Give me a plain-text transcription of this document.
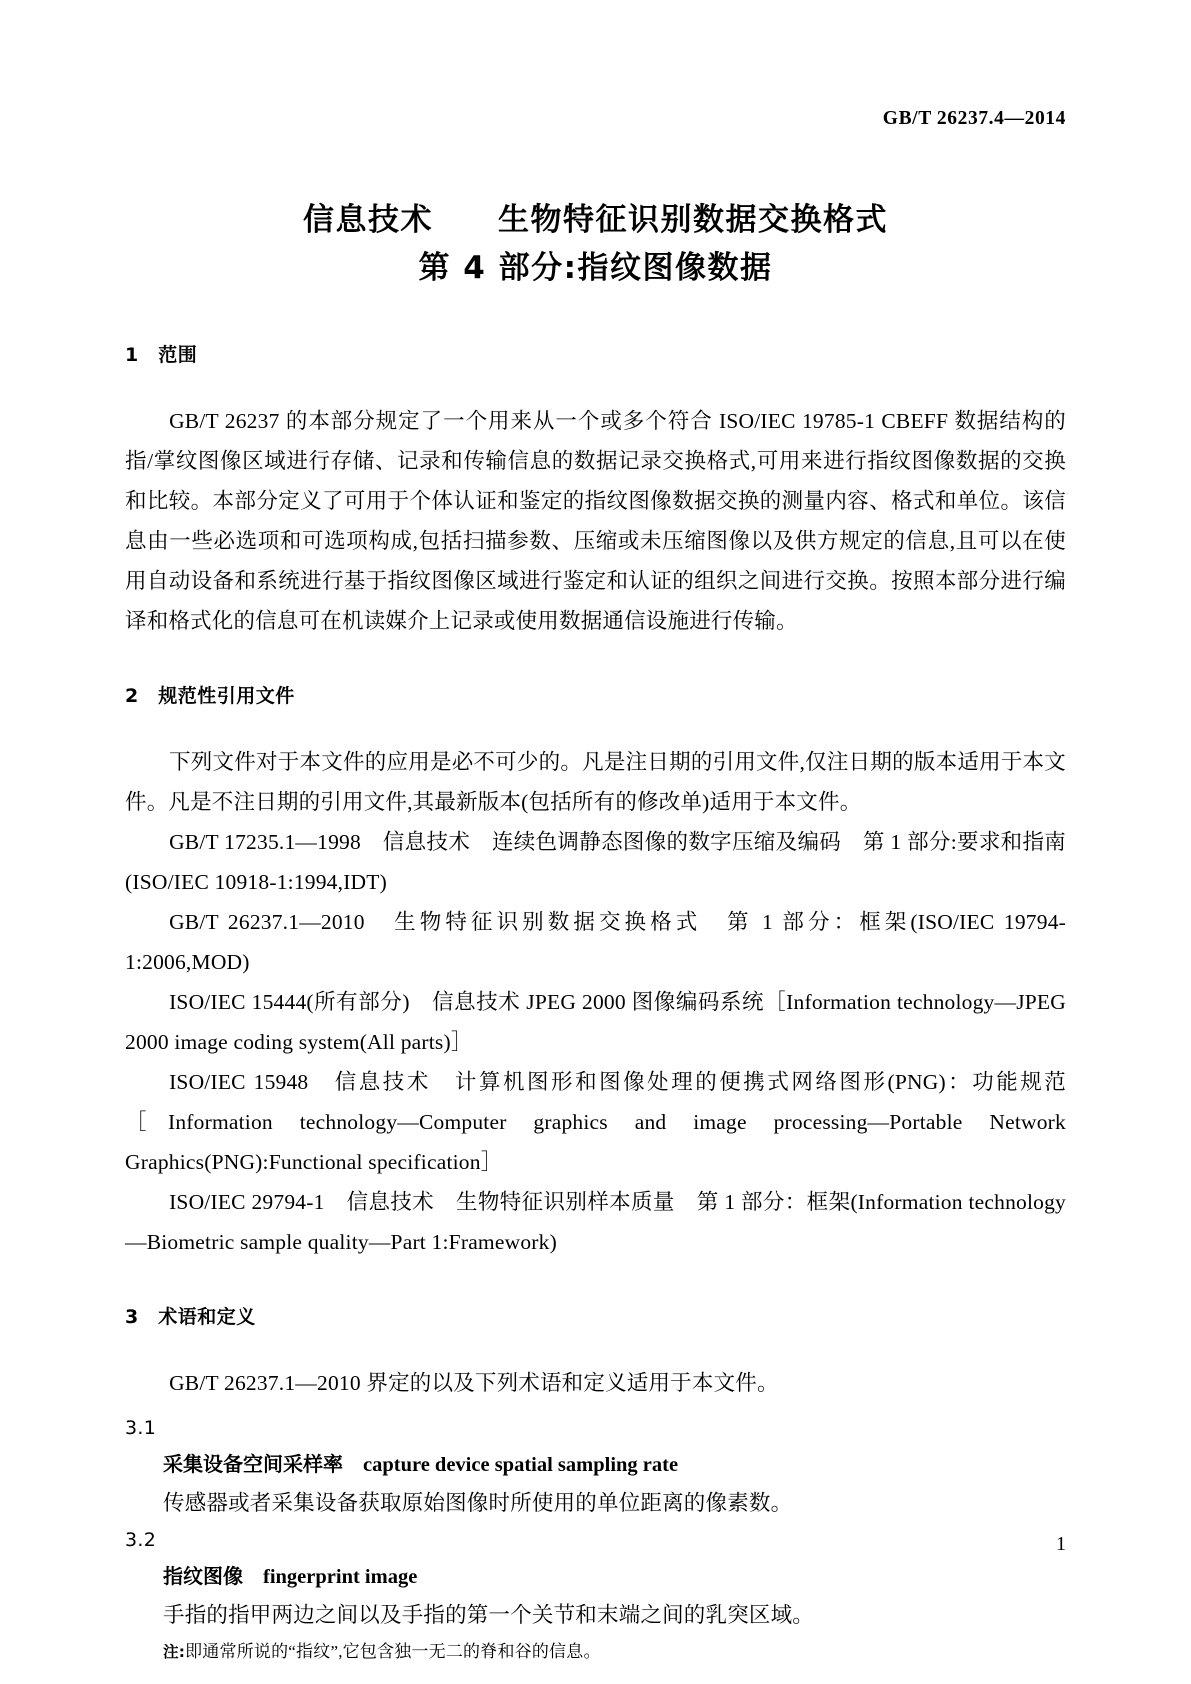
GB/T 26237.4—2014
信息技术　　生物特征识别数据交换格式
第 4 部分:指纹图像数据
1　范围

GB/T 26237 的本部分规定了一个用来从一个或多个符合 ISO/IEC 19785-1 CBEFF 数据结构的指/掌纹图像区域进行存储、记录和传输信息的数据记录交换格式,可用来进行指纹图像数据的交换和比较。本部分定义了可用于个体认证和鉴定的指纹图像数据交换的测量内容、格式和单位。该信息由一些必选项和可选项构成,包括扫描参数、压缩或未压缩图像以及供方规定的信息,且可以在使用自动设备和系统进行基于指纹图像区域进行鉴定和认证的组织之间进行交换。按照本部分进行编译和格式化的信息可在机读媒介上记录或使用数据通信设施进行传输。

2　规范性引用文件

下列文件对于本文件的应用是必不可少的。凡是注日期的引用文件,仅注日期的版本适用于本文件。凡是不注日期的引用文件,其最新版本(包括所有的修改单)适用于本文件。

GB/T 17235.1—1998　信息技术　连续色调静态图像的数字压缩及编码　第 1 部分:要求和指南(ISO/IEC 10918-1:1994,IDT)

GB/T 26237.1—2010　生物特征识别数据交换格式　第 1 部分：框架(ISO/IEC 19794-1:2006,MOD)

ISO/IEC 15444(所有部分)　信息技术 JPEG 2000 图像编码系统［Information technology—JPEG 2000 image coding system(All parts)］

ISO/IEC 15948　信息技术　计算机图形和图像处理的便携式网络图形(PNG)：功能规范［Information technology—Computer graphics and image processing—Portable Network Graphics(PNG):Functional specification］

ISO/IEC 29794-1　信息技术　生物特征识别样本质量　第 1 部分：框架(Information technology—Biometric sample quality—Part 1:Framework)

3　术语和定义

GB/T 26237.1—2010 界定的以及下列术语和定义适用于本文件。

3.1

采集设备空间采样率　 capture device spatial sampling rate

传感器或者采集设备获取原始图像时所使用的单位距离的像素数。

3.2

指纹图像　 fingerprint image

手指的指甲两边之间以及手指的第一个关节和末端之间的乳突区域。

注:即通常所说的“指纹”,它包含独一无二的脊和谷的信息。

1
